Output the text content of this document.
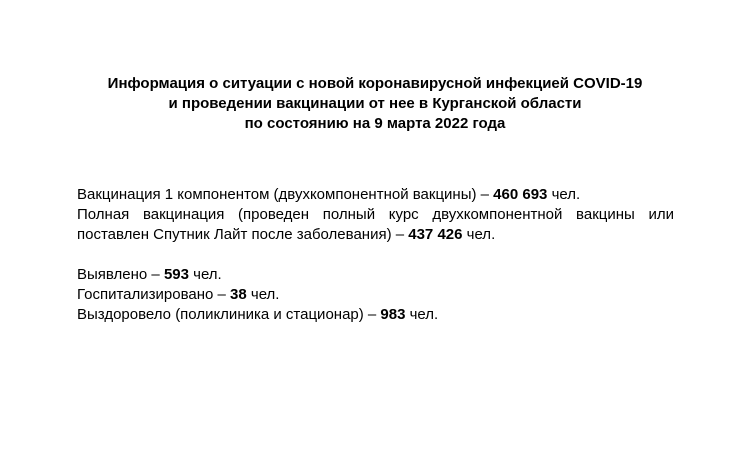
Информация о ситуации с новой коронавирусной инфекцией COVID-19
и проведении вакцинации от нее в Курганской области
по состоянию на 9 марта 2022 года
Вакцинация 1 компонентом (двухкомпонентной вакцины) – 460 693 чел.
Полная вакцинация (проведен полный курс двухкомпонентной вакцины или
поставлен Спутник Лайт после заболевания) – 437 426 чел.
Выявлено – 593 чел.
Госпитализировано – 38 чел.
Выздоровело (поликлиника и стационар) – 983 чел.
